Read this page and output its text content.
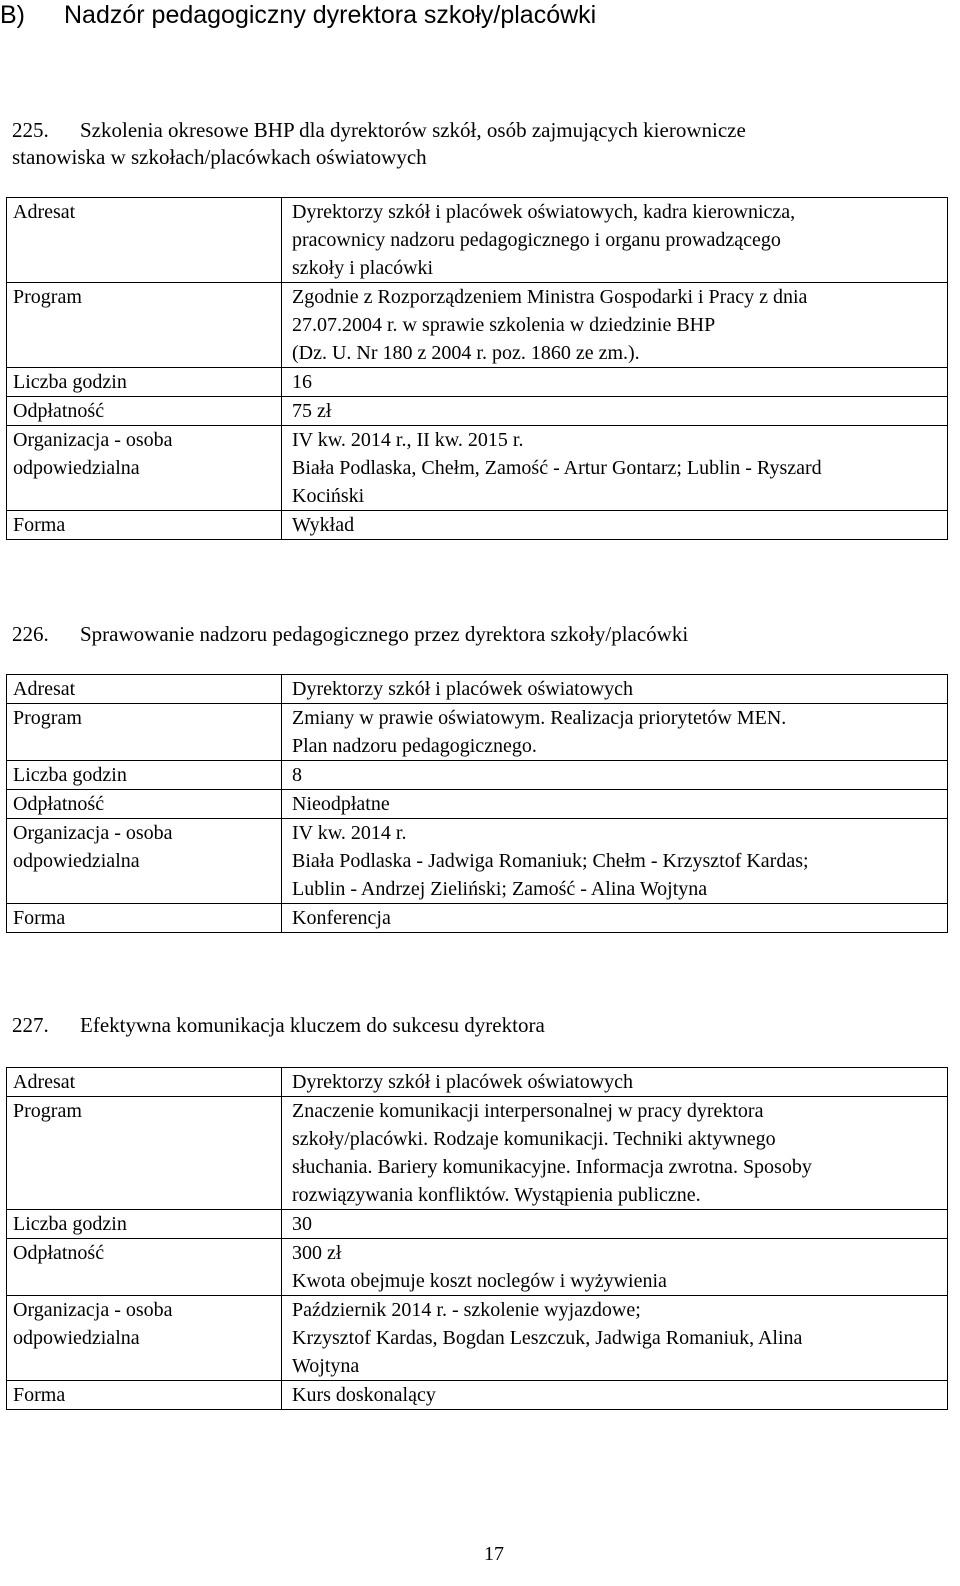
B) Nadzór pedagogiczny dyrektora szkoły/placówki
225. Szkolenia okresowe BHP dla dyrektorów szkół, osób zajmujących kierownicze
stanowiska w szkołach/placówkach oświatowych
Adresat	Dyrektorzy szkół i placówek oświatowych, kadra kierownicza,
pracownicy nadzoru pedagogicznego i organu prowadzącego
szkoły i placówki

Program	Zgodnie z Rozporządzeniem Ministra Gospodarki i Pracy z dnia
27.07.2004 r. w sprawie szkolenia w dziedzinie BHP
(Dz. U. Nr 180 z 2004 r. poz. 1860 ze zm.).

Liczba godzin	16

Odpłatność	75 zł

Organizacja - osoba
odpowiedzialna	IV kw. 2014 r., II kw. 2015 r.
Biała Podlaska, Chełm, Zamość - Artur Gontarz; Lublin - Ryszard
Kociński

Forma	Wykład
226. Sprawowanie nadzoru pedagogicznego przez dyrektora szkoły/placówki
Adresat	Dyrektorzy szkół i placówek oświatowych

Program	Zmiany w prawie oświatowym. Realizacja priorytetów MEN.
Plan nadzoru pedagogicznego.

Liczba godzin	8

Odpłatność	Nieodpłatne

Organizacja - osoba
odpowiedzialna	IV kw. 2014 r.
Biała Podlaska - Jadwiga Romaniuk; Chełm - Krzysztof Kardas;
Lublin - Andrzej Zieliński; Zamość - Alina Wojtyna

Forma	Konferencja
227. Efektywna komunikacja kluczem do sukcesu dyrektora
Adresat	Dyrektorzy szkół i placówek oświatowych

Program	Znaczenie komunikacji interpersonalnej w pracy dyrektora
szkoły/placówki. Rodzaje komunikacji. Techniki aktywnego
słuchania. Bariery komunikacyjne. Informacja zwrotna. Sposoby
rozwiązywania konfliktów. Wystąpienia publiczne.

Liczba godzin	30

Odpłatność	300 zł
Kwota obejmuje koszt noclegów i wyżywienia

Organizacja - osoba
odpowiedzialna	Październik 2014 r. - szkolenie wyjazdowe;
Krzysztof Kardas, Bogdan Leszczuk, Jadwiga Romaniuk, Alina
Wojtyna

Forma	Kurs doskonalący
17
